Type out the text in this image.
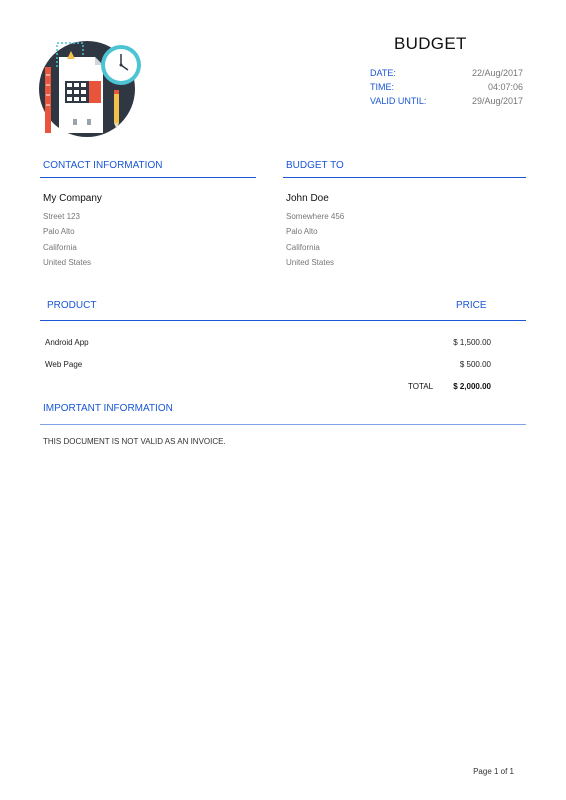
BUDGET
DATE:	22/Aug/2017
TIME:	04:07:06
VALID UNTIL:	29/Aug/2017
CONTACT INFORMATION
My Company
Street 123
Palo Alto
California
United States
BUDGET TO
John Doe
Somewhere 456
Palo Alto
California
United States
PRODUCT	PRICE
Android App	$ 1,500.00
Web Page	$ 500.00
TOTAL	$ 2,000.00
IMPORTANT INFORMATION
THIS DOCUMENT IS NOT VALID AS AN INVOICE.
Page 1 of 1
